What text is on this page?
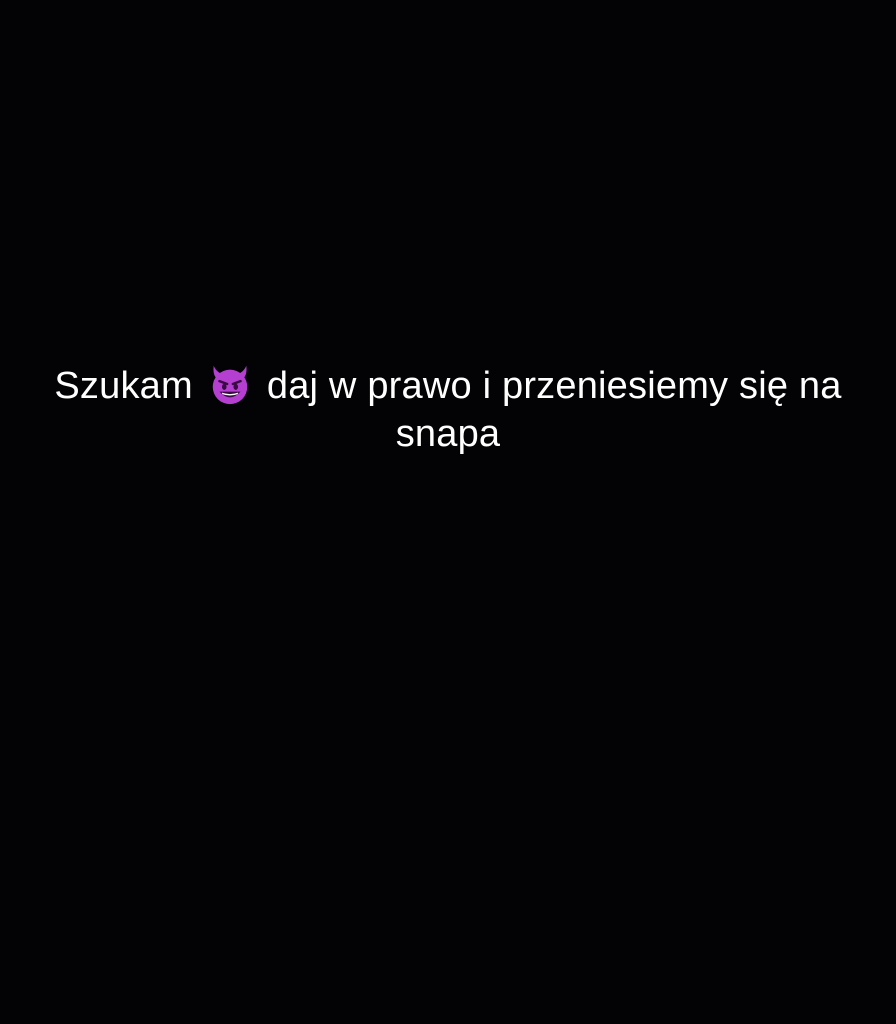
Szukam daj w prawo i przeniesiemy się na
snapa
